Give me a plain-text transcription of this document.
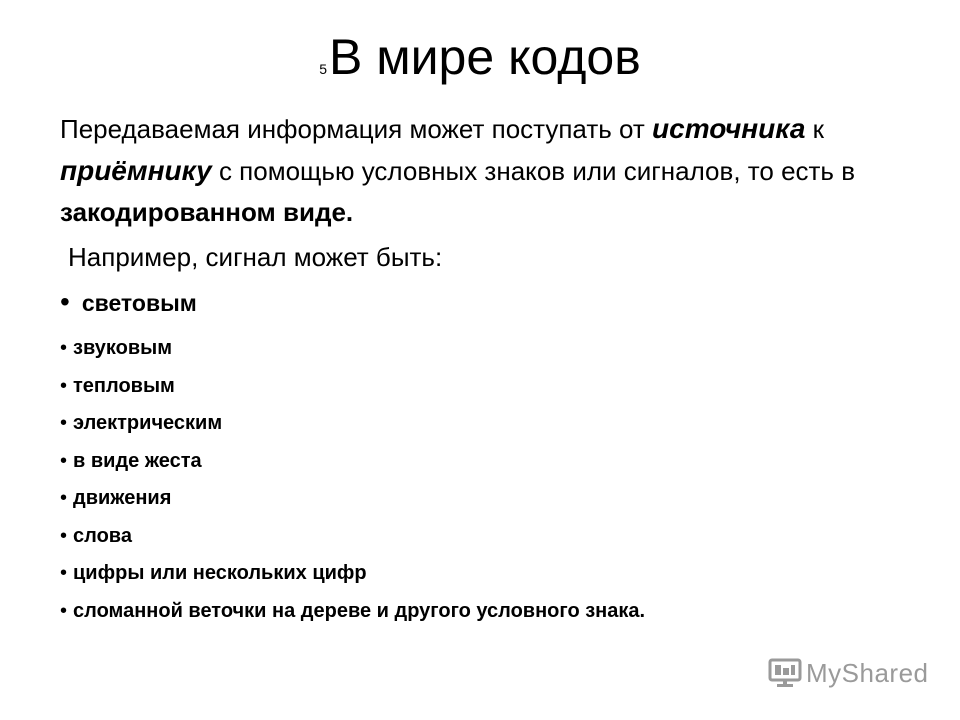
5В мире кодов
Передаваемая информация может поступать от источника к приёмнику с помощью условных знаков или сигналов, то есть в закодированном виде.
Например, сигнал может быть:
• световым
• звуковым
• тепловым
• электрическим
• в виде жеста
• движения
• слова
• цифры или нескольких цифр
• сломанной веточки на дереве и другого условного знака.
MyShared
